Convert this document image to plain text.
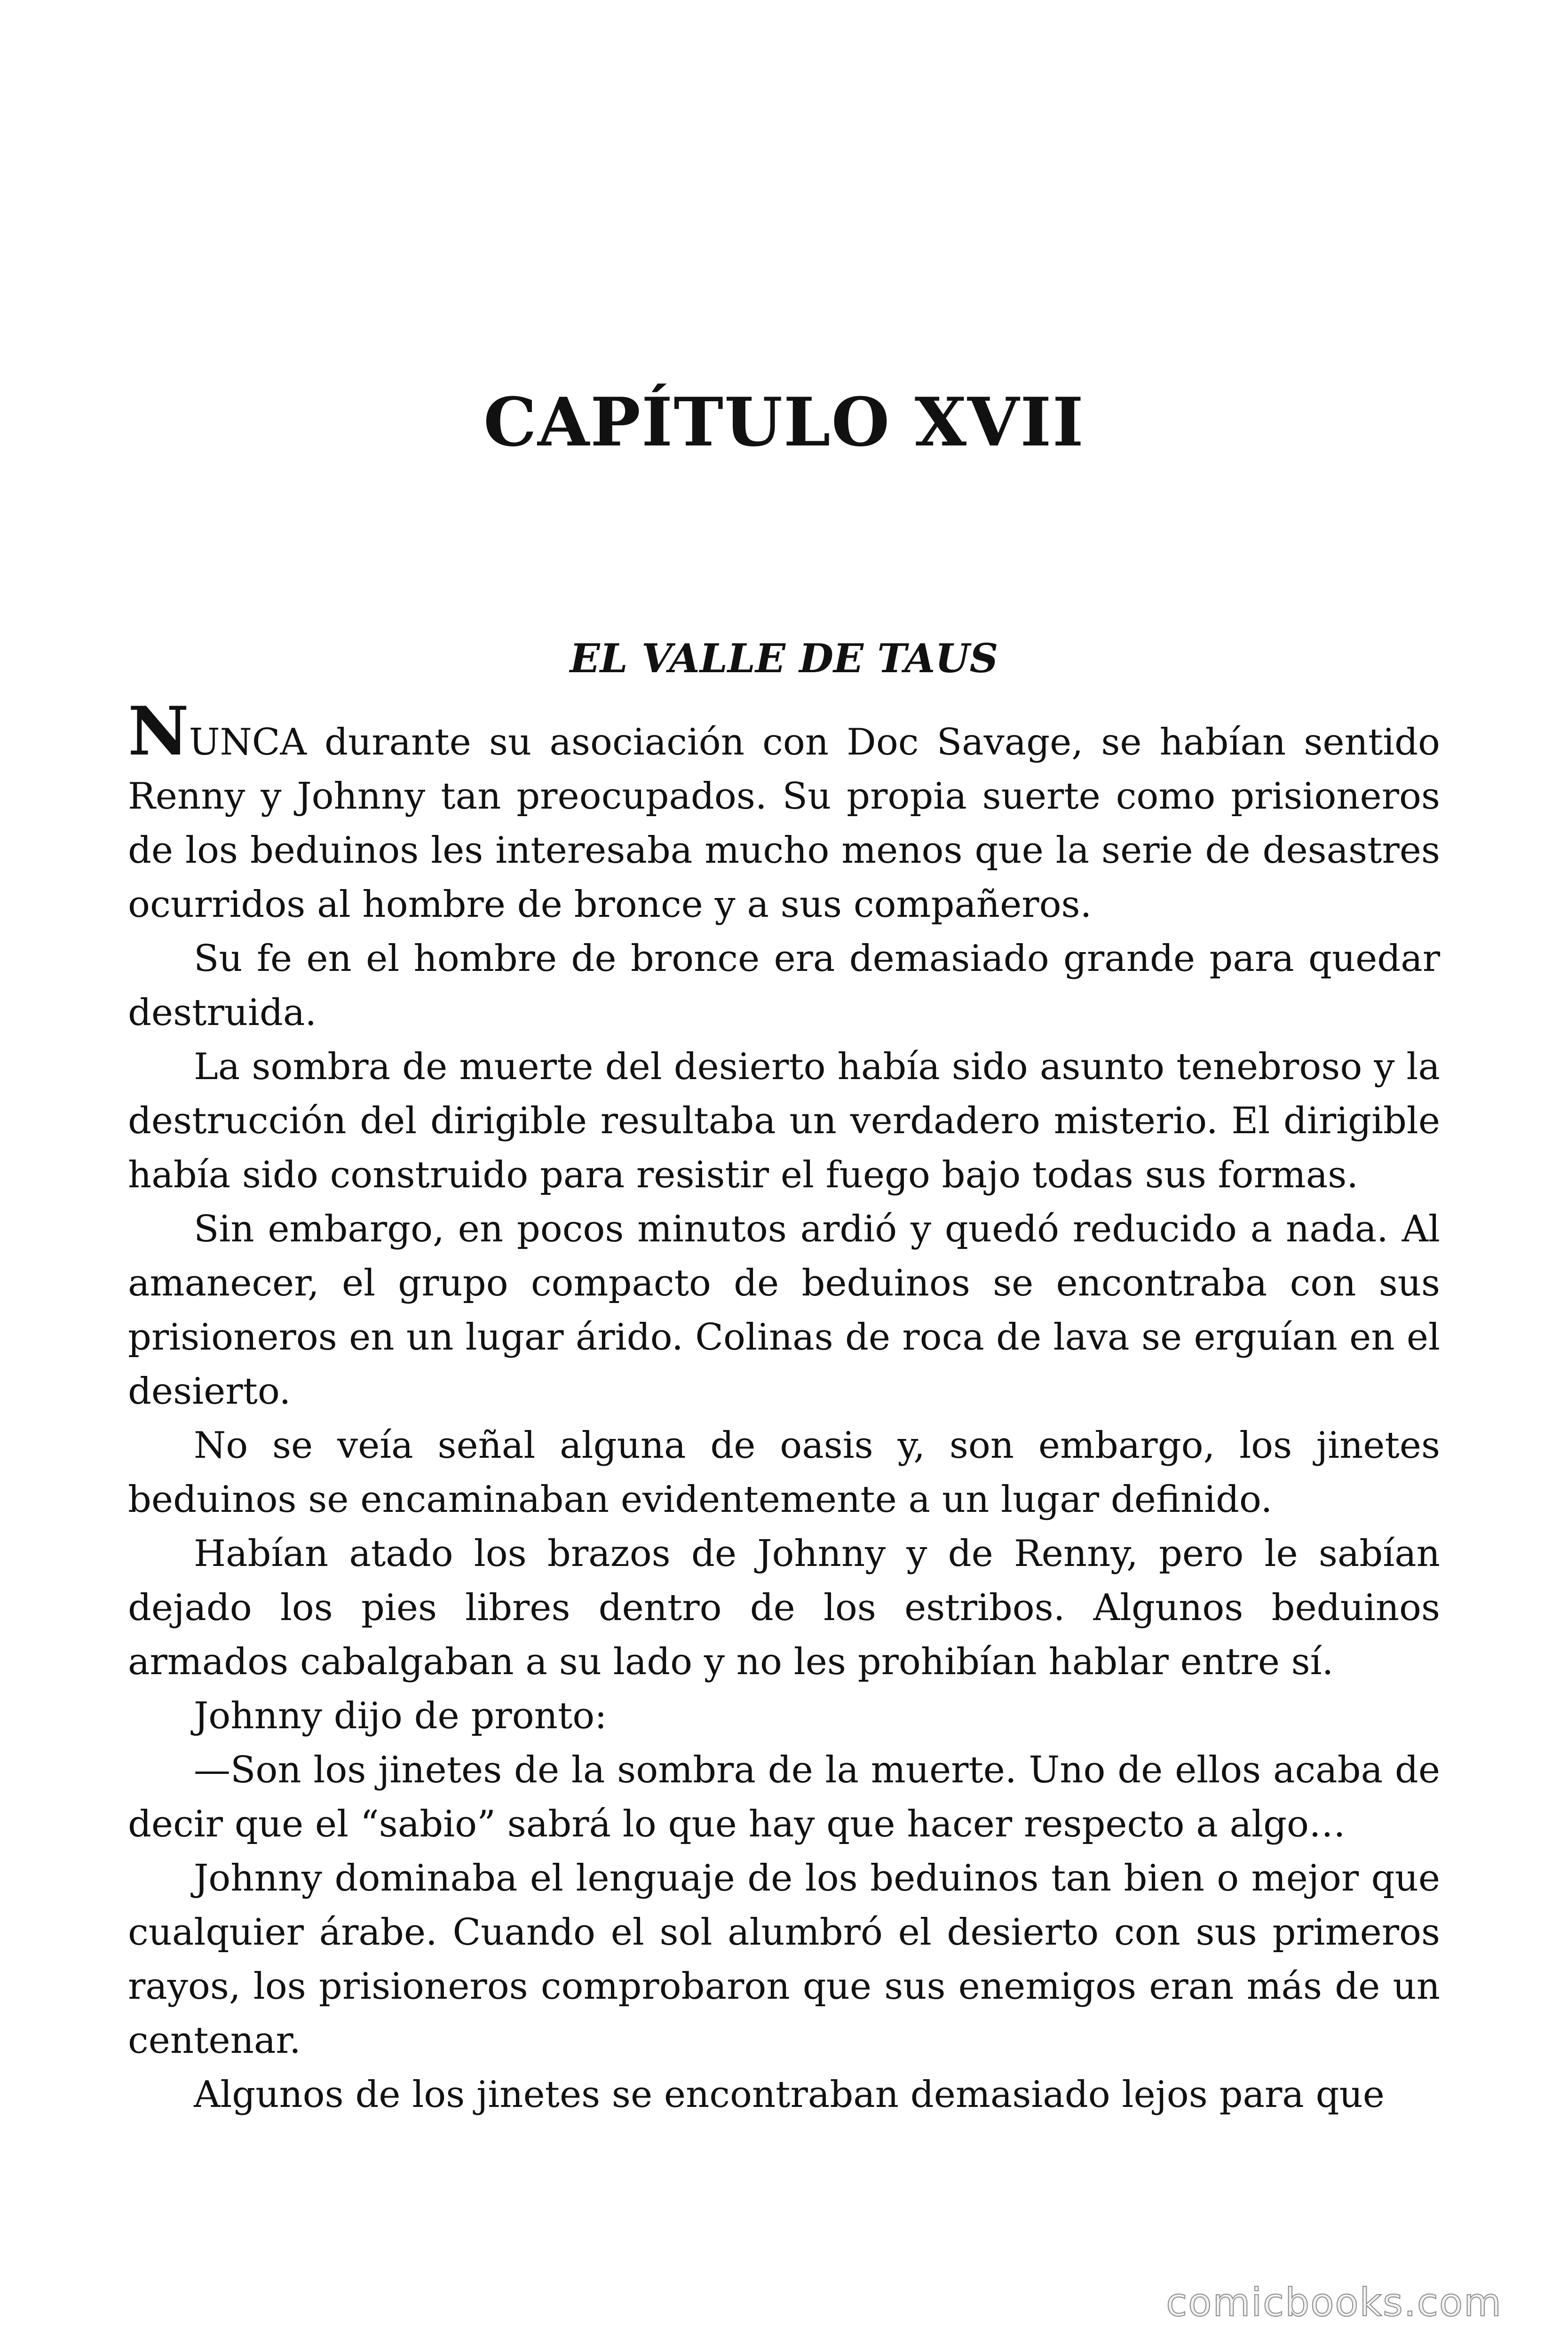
CAPÍTULO XVII
EL VALLE DE TAUS

NUNCA durante su asociación con Doc Savage, se habían sentido Renny y Johnny tan preocupados. Su propia suerte como prisioneros de los beduinos les interesaba mucho menos que la serie de desastres ocurridos al hombre de bronce y a sus compañeros.

Su fe en el hombre de bronce era demasiado grande para quedar destruida.

La sombra de muerte del desierto había sido asunto tenebroso y la destrucción del dirigible resultaba un verdadero misterio. El dirigible había sido construido para resistir el fuego bajo todas sus formas.

Sin embargo, en pocos minutos ardió y quedó reducido a nada. Al amanecer, el grupo compacto de beduinos se encontraba con sus prisioneros en un lugar árido. Colinas de roca de lava se erguían en el desierto.

No se veía señal alguna de oasis y, son embargo, los jinetes beduinos se encaminaban evidentemente a un lugar definido.

Habían atado los brazos de Johnny y de Renny, pero le sabían dejado los pies libres dentro de los estribos. Algunos beduinos armados cabalgaban a su lado y no les prohibían hablar entre sí.

Johnny dijo de pronto:

—Son los jinetes de la sombra de la muerte. Uno de ellos acaba de decir que el “sabio” sabrá lo que hay que hacer respecto a algo…

Johnny dominaba el lenguaje de los beduinos tan bien o mejor que cualquier árabe. Cuando el sol alumbró el desierto con sus primeros rayos, los prisioneros comprobaron que sus enemigos eran más de un centenar.

Algunos de los jinetes se encontraban demasiado lejos para que

comicbooks.com
